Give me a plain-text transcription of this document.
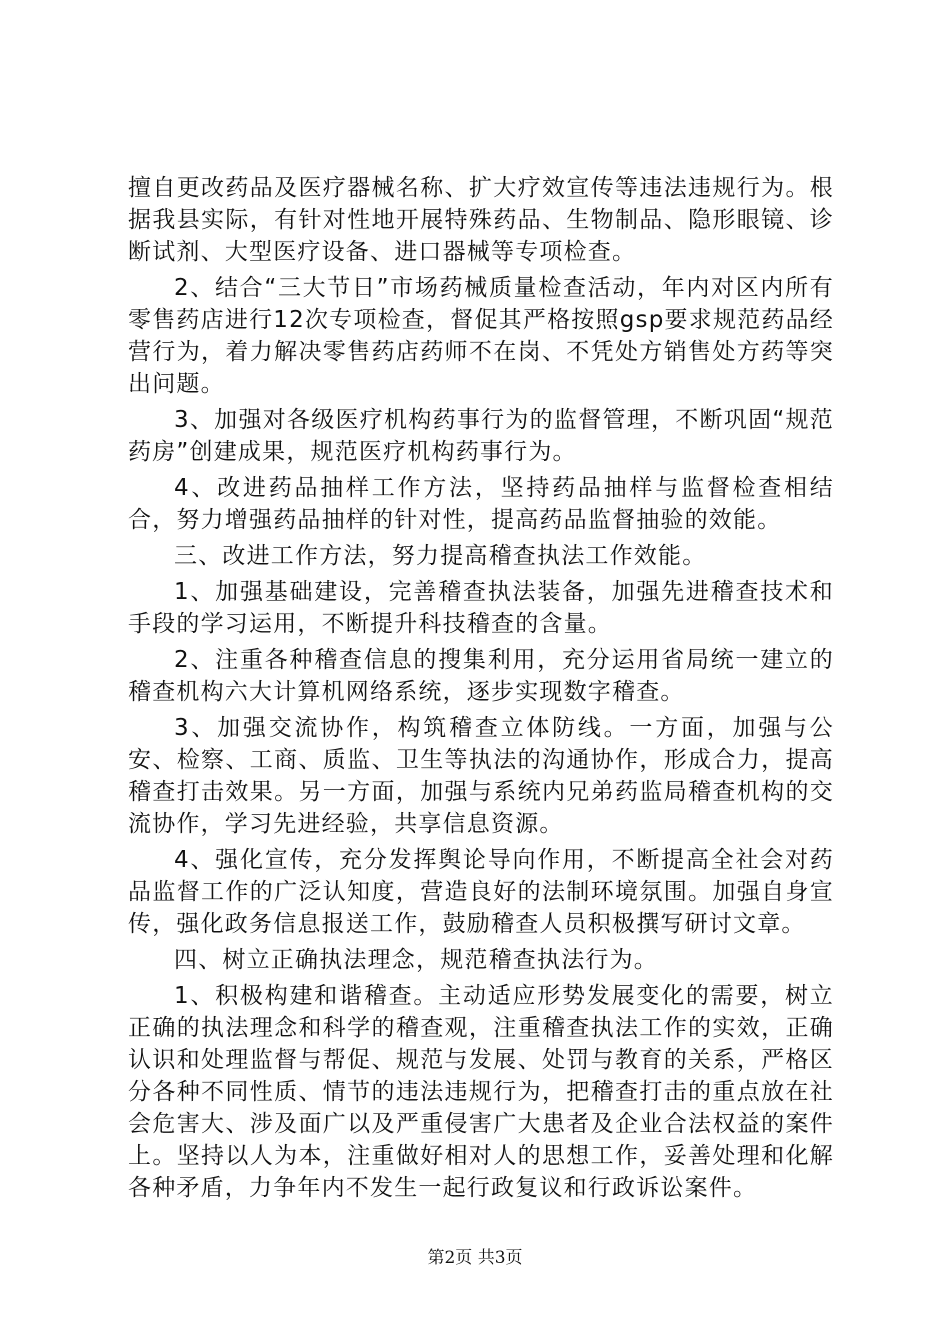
擅自更改药品及医疗器械名称、扩大疗效宣传等违法违规行为。根据我县实际，有针对性地开展特殊药品、生物制品、隐形眼镜、诊断试剂、大型医疗设备、进口器械等专项检查。

2、结合“三大节日”市场药械质量检查活动，年内对区内所有零售药店进行12次专项检查，督促其严格按照gsp要求规范药品经营行为，着力解决零售药店药师不在岗、不凭处方销售处方药等突出问题。

3、加强对各级医疗机构药事行为的监督管理，不断巩固“规范药房”创建成果，规范医疗机构药事行为。

4、改进药品抽样工作方法，坚持药品抽样与监督检查相结合，努力增强药品抽样的针对性，提高药品监督抽验的效能。

三、改进工作方法，努力提高稽查执法工作效能。

1、加强基础建设，完善稽查执法装备，加强先进稽查技术和手段的学习运用，不断提升科技稽查的含量。

2、注重各种稽查信息的搜集利用，充分运用省局统一建立的稽查机构六大计算机网络系统，逐步实现数字稽查。

3、加强交流协作，构筑稽查立体防线。一方面，加强与公安、检察、工商、质监、卫生等执法的沟通协作，形成合力，提高稽查打击效果。另一方面，加强与系统内兄弟药监局稽查机构的交流协作，学习先进经验，共享信息资源。

4、强化宣传，充分发挥舆论导向作用，不断提高全社会对药品监督工作的广泛认知度，营造良好的法制环境氛围。加强自身宣传，强化政务信息报送工作，鼓励稽查人员积极撰写研讨文章。

四、树立正确执法理念，规范稽查执法行为。

1、积极构建和谐稽查。主动适应形势发展变化的需要，树立正确的执法理念和科学的稽查观，注重稽查执法工作的实效，正确认识和处理监督与帮促、规范与发展、处罚与教育的关系，严格区分各种不同性质、情节的违法违规行为，把稽查打击的重点放在社会危害大、涉及面广以及严重侵害广大患者及企业合法权益的案件上。坚持以人为本，注重做好相对人的思想工作，妥善处理和化解各种矛盾，力争年内不发生一起行政复议和行政诉讼案件。

第2页 共3页
